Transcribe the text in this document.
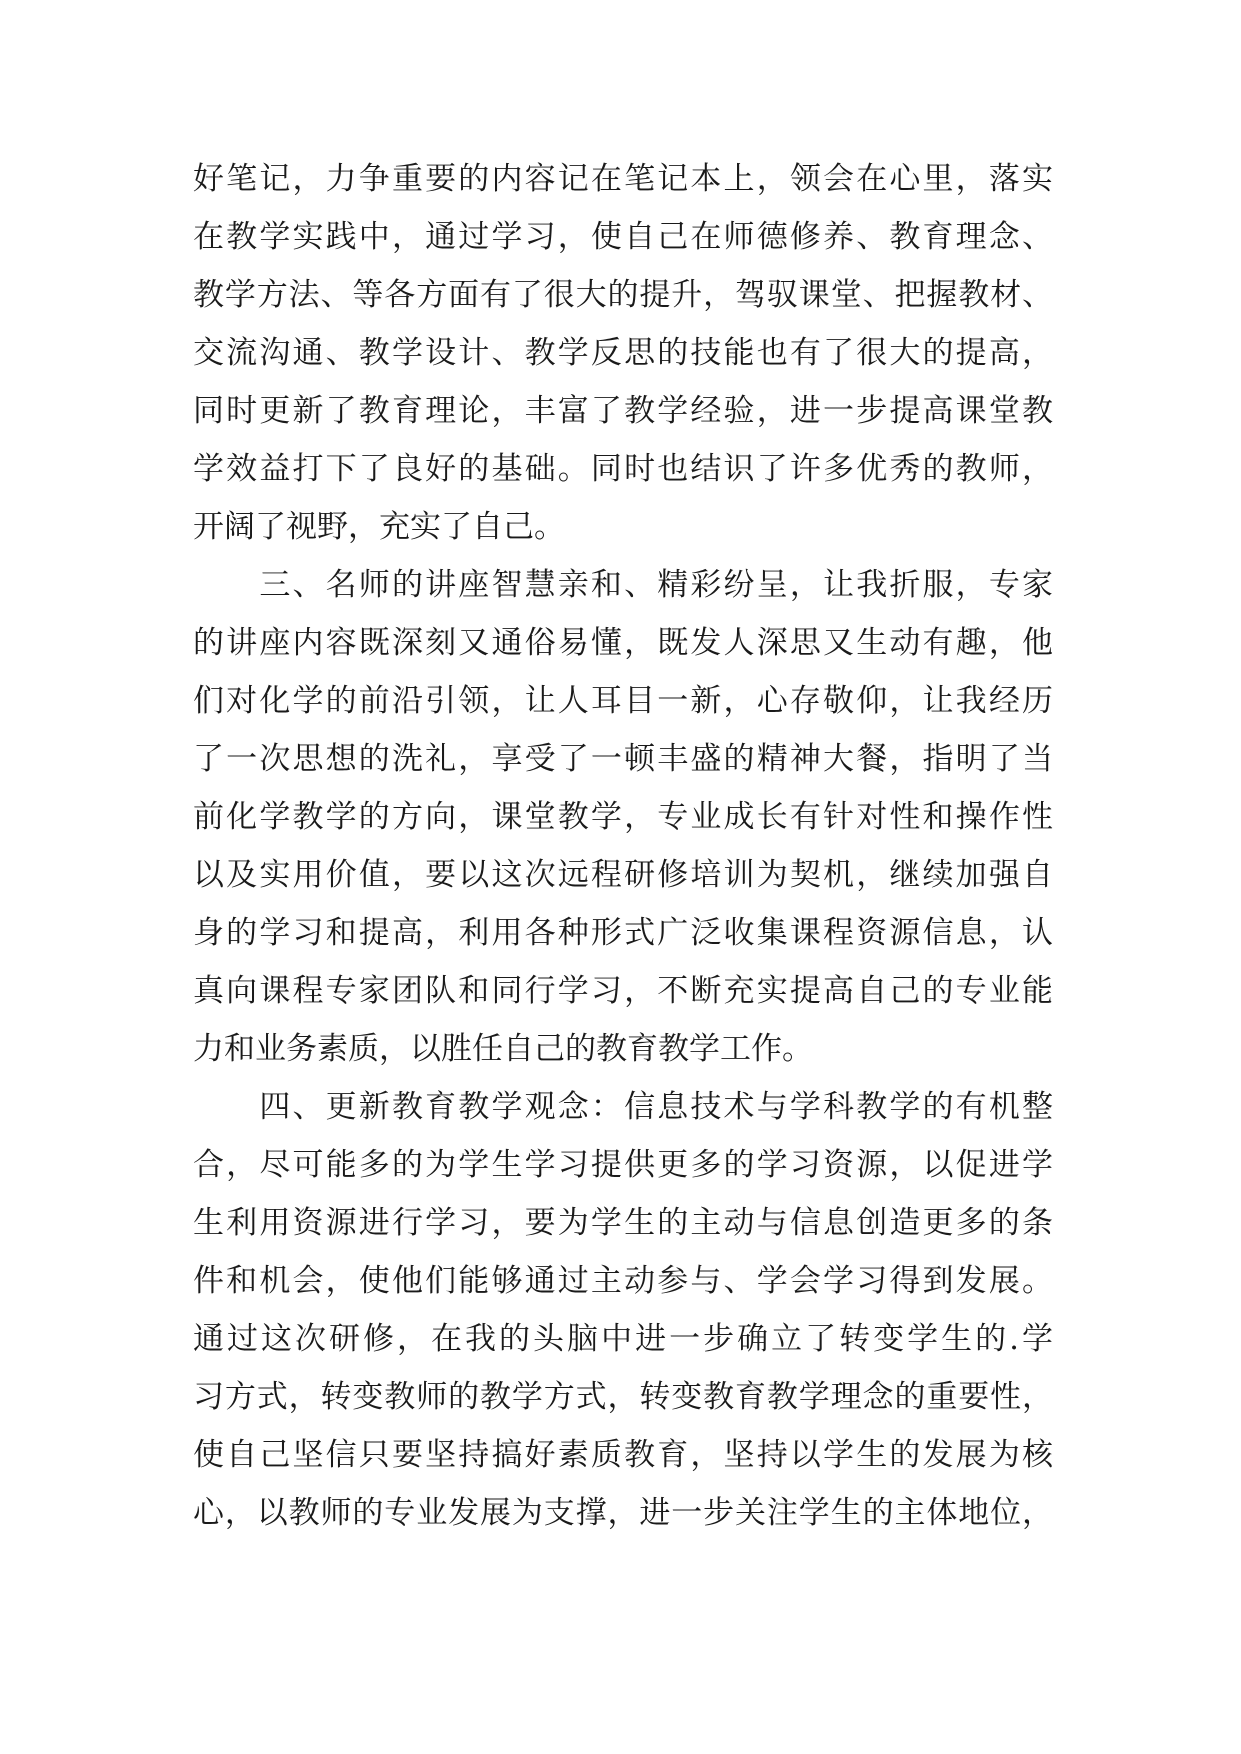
好笔记，力争重要的内容记在笔记本上，领会在心里，落实
在教学实践中，通过学习，使自己在师德修养、教育理念、
教学方法、等各方面有了很大的提升，驾驭课堂、把握教材、
交流沟通、教学设计、教学反思的技能也有了很大的提高，
同时更新了教育理论，丰富了教学经验，进一步提高课堂教
学效益打下了良好的基础。同时也结识了许多优秀的教师，
开阔了视野，充实了自己。
　　三、名师的讲座智慧亲和、精彩纷呈，让我折服，专家
的讲座内容既深刻又通俗易懂，既发人深思又生动有趣，他
们对化学的前沿引领，让人耳目一新，心存敬仰，让我经历
了一次思想的洗礼，享受了一顿丰盛的精神大餐，指明了当
前化学教学的方向，课堂教学，专业成长有针对性和操作性
以及实用价值，要以这次远程研修培训为契机，继续加强自
身的学习和提高，利用各种形式广泛收集课程资源信息，认
真向课程专家团队和同行学习，不断充实提高自己的专业能
力和业务素质，以胜任自己的教育教学工作。
　　四、更新教育教学观念：信息技术与学科教学的有机整
合，尽可能多的为学生学习提供更多的学习资源，以促进学
生利用资源进行学习，要为学生的主动与信息创造更多的条
件和机会，使他们能够通过主动参与、学会学习得到发展。
通过这次研修，在我的头脑中进一步确立了转变学生的.学
习方式，转变教师的教学方式，转变教育教学理念的重要性，
使自己坚信只要坚持搞好素质教育，坚持以学生的发展为核
心，以教师的专业发展为支撑，进一步关注学生的主体地位，
